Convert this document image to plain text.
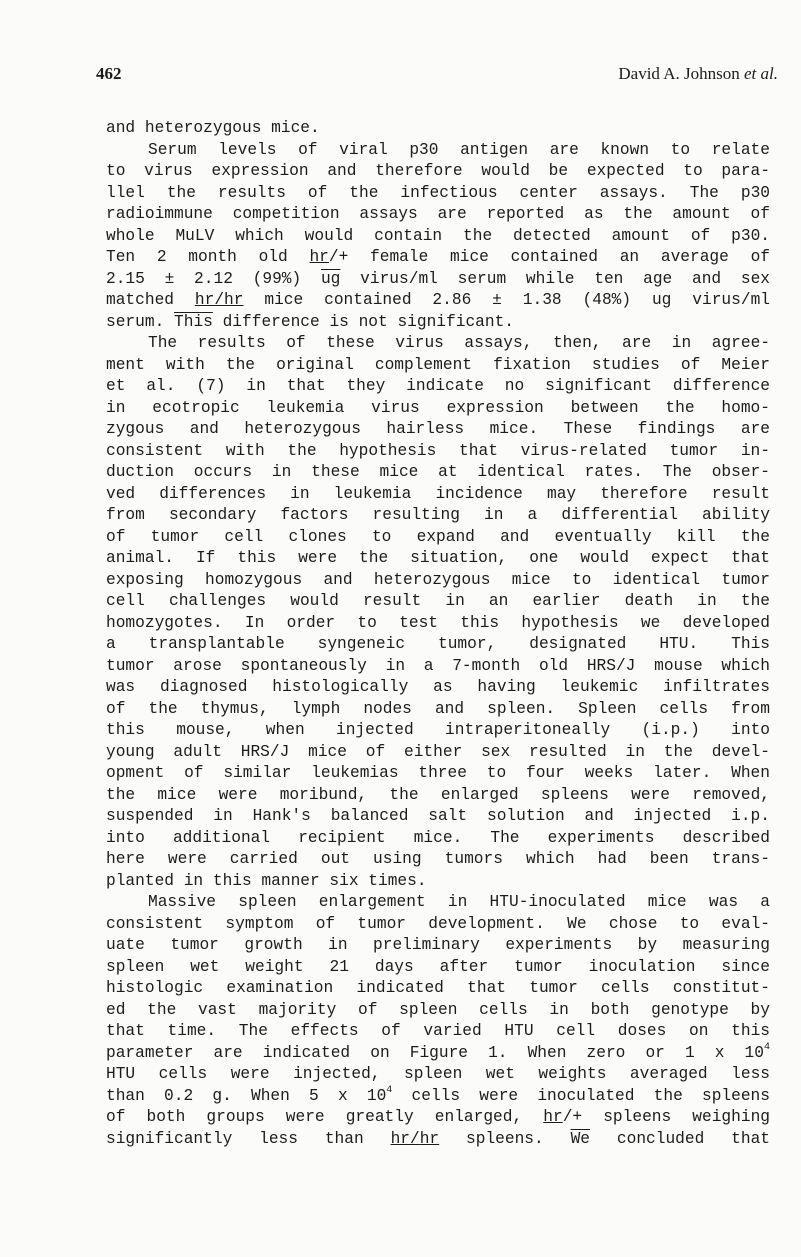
462	David A. Johnson et al.

and heterozygous mice.

Serum levels of viral p30 antigen are known to relate

to virus expression and therefore would be expected to para-

llel the results of the infectious center assays. The p30

radioimmune competition assays are reported as the amount of

whole MuLV which would contain the detected amount of p30.

Ten 2 month old hr/+ female mice contained an average of

2.15 ± 2.12 (99%) $\overline{ug}$ virus/ml serum while ten age and sex

matched hr/hr mice contained 2.86 ± 1.38 (48%) ug virus/ml

serum. This difference is not significant.

The results of these virus assays, then, are in agree-

ment with the original complement fixation studies of Meier

et al. (7) in that they indicate no significant difference

in ecotropic leukemia virus expression between the homo-

zygous and heterozygous hairless mice. These findings are

consistent with the hypothesis that virus-related tumor in-

duction occurs in these mice at identical rates. The obser-

ved differences in leukemia incidence may therefore result

from secondary factors resulting in a differential ability

of tumor cell clones to expand and eventually kill the

animal. If this were the situation, one would expect that

exposing homozygous and heterozygous mice to identical tumor

cell challenges would result in an earlier death in the

homozygotes. In order to test this hypothesis we developed

a transplantable syngeneic tumor, designated HTU. This

tumor arose spontaneously in a 7-month old HRS/J mouse which

was diagnosed histologically as having leukemic infiltrates

of the thymus, lymph nodes and spleen. Spleen cells from

this mouse, when injected intraperitoneally (i.p.) into

young adult HRS/J mice of either sex resulted in the devel-

opment of similar leukemias three to four weeks later. When

the mice were moribund, the enlarged spleens were removed,

suspended in Hank's balanced salt solution and injected i.p.

into additional recipient mice. The experiments described

here were carried out using tumors which had been trans-

planted in this manner six times.

Massive spleen enlargement in HTU-inoculated mice was a

consistent symptom of tumor development. We chose to eval-

uate tumor growth in preliminary experiments by measuring

spleen wet weight 21 days after tumor inoculation since

histologic examination indicated that tumor cells constitut-

ed the vast majority of spleen cells in both genotype by

that time. The effects of varied HTU cell doses on this

parameter are indicated on Figure 1. When zero or 1 x $10^4$

HTU cells were injected, spleen wet weights averaged less

than 0.2 g. When 5 x $10^4$ cells were inoculated the spleens

of both groups were greatly enlarged, hr/+ spleens weighing

significantly less than hr/hr spleens. $\overline{We}$ concluded that
